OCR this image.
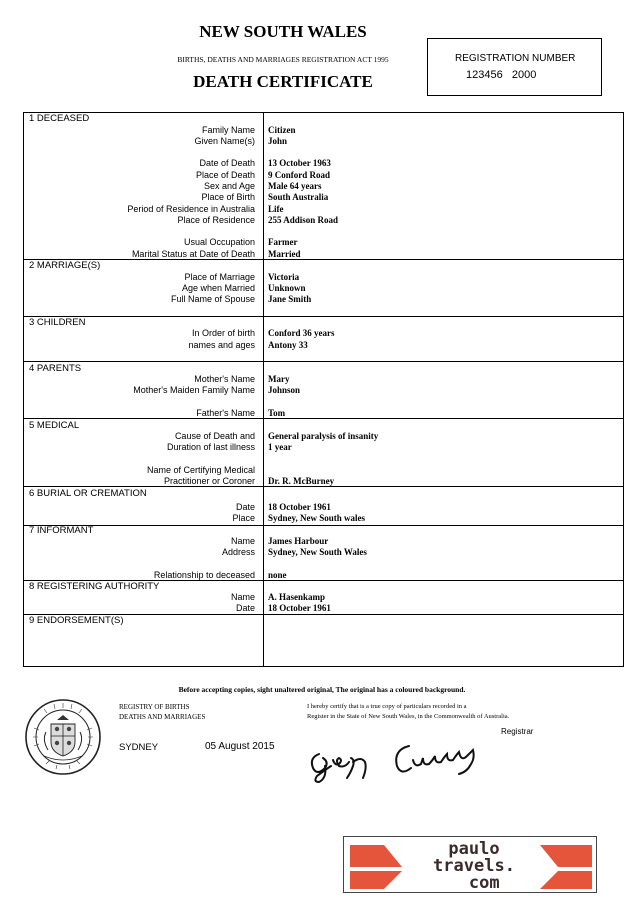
NEW SOUTH WALES
BIRTHS, DEATHS AND MARRIAGES REGISTRATION ACT 1995
DEATH CERTIFICATE
REGISTRATION NUMBER
123456   2000
1 DECEASED
Family Name Citizen
Given Name(s) John
Date of Death 13 October 1963
Place of Death 9 Conford Road
Sex and Age Male 64 years
Place of Birth South Australia
Period of Residence in Australia Life
Place of Residence 255 Addison Road
Usual Occupation Farmer
Marital Status at Date of Death Married
2 MARRIAGE(S)
Place of Marriage Victoria
Age when Married Unknown
Full Name of Spouse Jane Smith
3 CHILDREN
In Order of birth Conford 36 years
names and ages Antony 33
4 PARENTS
Mother's Name Mary
Mother's Maiden Family Name Johnson
Father's Name Tom
5 MEDICAL
Cause of Death and General paralysis of insanity
Duration of last illness 1 year
Name of Certifying Medical
Practitioner or Coroner Dr. R. McBurney
6 BURIAL OR CREMATION
Date 18 October 1961
Place Sydney, New South wales
7 INFORMANT
Name James Harbour
Address Sydney, New South Wales
Relationship to deceased none
8 REGISTERING AUTHORITY
Name A. Hasenkamp
Date 18 October 1961
9 ENDORSEMENT(S)
Before accepting copies, sight unaltered original, The original has a coloured background.
REGISTRY OF BIRTHS
DEATHS AND MARRIAGES
SYDNEY	05 August 2015
I hereby certify that is a true copy of particulars recorded in a
Register in the State of New South Wales, in the Commonwealth of Australia.
Registrar
paulo
travels.
com
